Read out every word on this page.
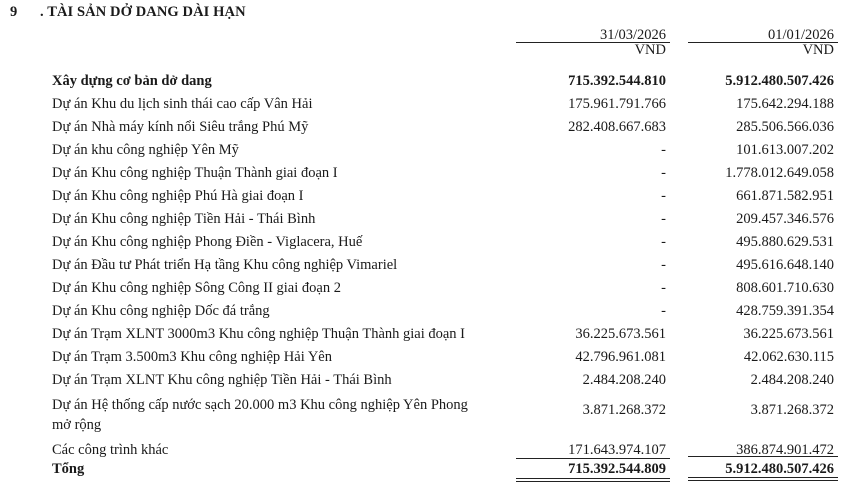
9 . TÀI SẢN DỞ DANG DÀI HẠN
31/03/2026
VND
01/01/2026
VND
Xây dựng cơ bản dở dang	715.392.544.810	5.912.480.507.426
Dự án Khu du lịch sinh thái cao cấp Vân Hải	175.961.791.766	175.642.294.188
Dự án Nhà máy kính nổi Siêu trắng Phú Mỹ	282.408.667.683	285.506.566.036
Dự án khu công nghiệp Yên Mỹ	-	101.613.007.202
Dự án Khu công nghiệp Thuận Thành giai đoạn I	-	1.778.012.649.058
Dự án Khu công nghiệp Phú Hà giai đoạn I	-	661.871.582.951
Dự án Khu công nghiệp Tiền Hải - Thái Bình	-	209.457.346.576
Dự án Khu công nghiệp Phong Điền - Viglacera, Huế	-	495.880.629.531
Dự án Đầu tư Phát triển Hạ tầng Khu công nghiệp Vimariel	-	495.616.648.140
Dự án Khu công nghiệp Sông Công II giai đoạn 2	-	808.601.710.630
Dự án Khu công nghiệp Dốc đá trắng	-	428.759.391.354
Dự án Trạm XLNT 3000m3 Khu công nghiệp Thuận Thành giai đoạn I	36.225.673.561	36.225.673.561
Dự án Trạm 3.500m3 Khu công nghiệp Hải Yên	42.796.961.081	42.062.630.115
Dự án Trạm XLNT Khu công nghiệp Tiền Hải - Thái Bình	2.484.208.240	2.484.208.240
Dự án Hệ thống cấp nước sạch 20.000 m3 Khu công nghiệp Yên Phong mở rộng
3.871.268.372	3.871.268.372
Các công trình khác	171.643.974.107	386.874.901.472
Tổng	715.392.544.809	5.912.480.507.426
